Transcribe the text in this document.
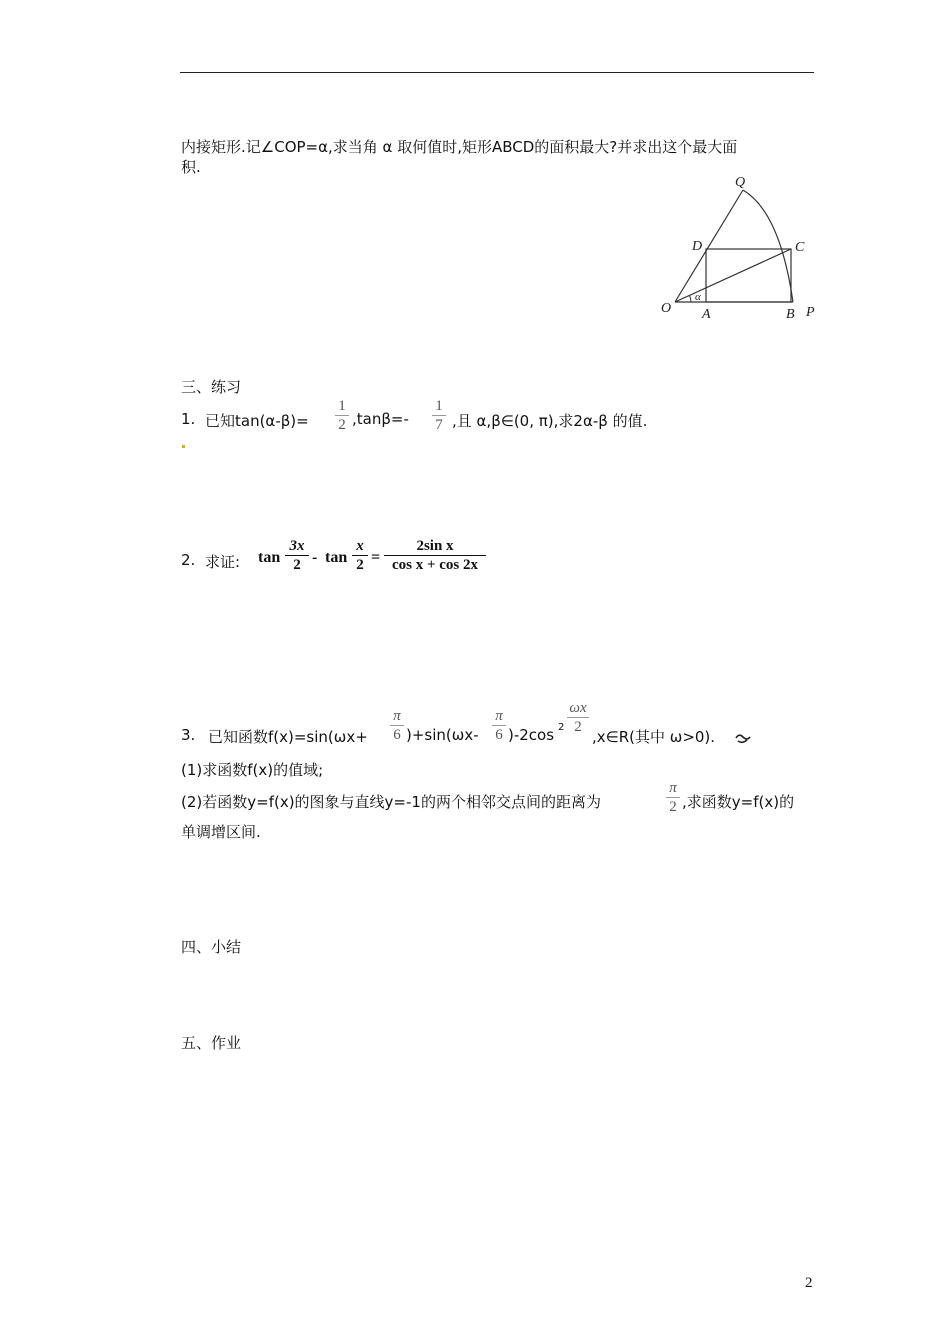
内接矩形.记∠COP=α,求当角 α 取何值时,矩形ABCD的面积最大?并求出这个最大面
积.
Q
D	C
O A	B P
α
三、练习
1. 已知tan(α-β)=
1
2 ,tanβ=-
1
7 ,且 α,β∈(0, π),求2α-β 的值.
2. 求证: tan
3x
2 - tan
x
2 =
2sin x
cos x + cos 2x
3. 已知函数f(x)=sin(ωx+
π
6 )+sin(ωx-
π
6 )-2cos 2
ωx
2
,x∈R(其中 ω>0).
(1)求函数f(x)的值域;
(2)若函数y=f(x)的图象与直线y=-1的两个相邻交点间的距离为
π
2 ,求函数y=f(x)的
单调增区间.
四、小结
五、作业
2
